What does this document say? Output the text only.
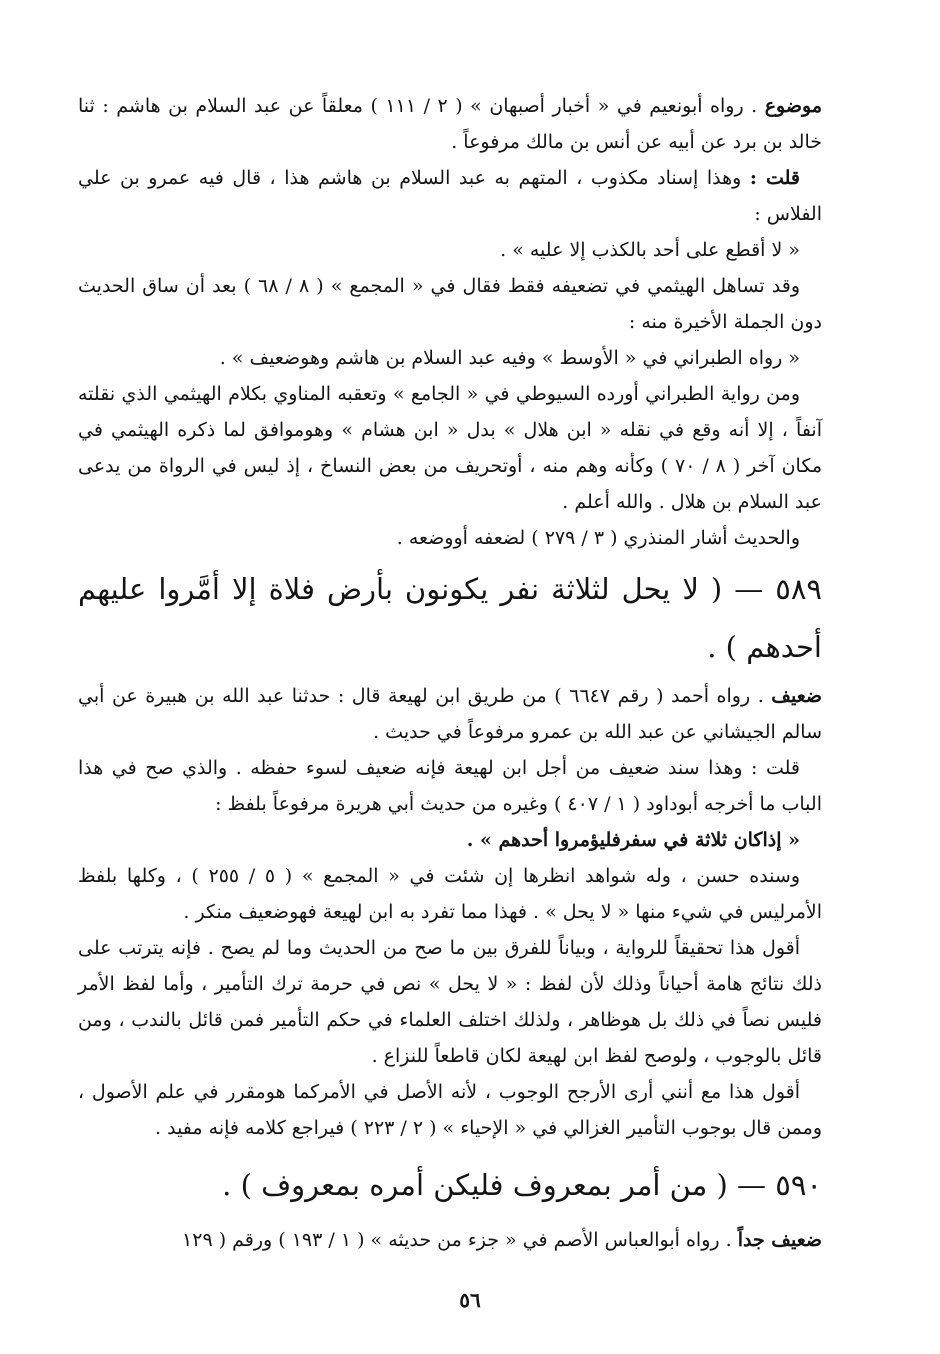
موضوع . رواه أبونعيم في « أخبار أصبهان » ( ٢ / ١١١ ) معلقاً عن عبد السلام بن هاشم : ثنا خالد بن برد عن أبيه عن أنس بن مالك مرفوعاً .

قلت : وهذا إسناد مكذوب ، المتهم به عبد السلام بن هاشم هذا ، قال فيه عمرو بن علي الفلاس :

« لا أقطع على أحد بالكذب إلا عليه » .

وقد تساهل الهيثمي في تضعيفه فقط فقال في « المجمع » ( ٨ / ٦٨ ) بعد أن ساق الحديث دون الجملة الأخيرة منه :

« رواه الطبراني في « الأوسط » وفيه عبد السلام بن هاشم وهوضعيف » .

ومن رواية الطبراني أورده السيوطي في « الجامع » وتعقبه المناوي بكلام الهيثمي الذي نقلته آنفاً ، إلا أنه وقع في نقله « ابن هلال » بدل « ابن هشام » وهوموافق لما ذكره الهيثمي في مكان آخر ( ٨ / ٧٠ ) وكأنه وهم منه ، أوتحريف من بعض النساخ ، إذ ليس في الرواة من يدعى عبد السلام بن هلال . والله أعلم .

والحديث أشار المنذري ( ٣ / ٢٧٩ ) لضعفه أووضعه .

٥٨٩ — ( لا يحل لثلاثة نفر يكونون بأرض فلاة إلا أمَّروا عليهم أحدهم ) .

ضعيف . رواه أحمد ( رقم ٦٦٤٧ ) من طريق ابن لهيعة قال : حدثنا عبد الله بن هبيرة عن أبي سالم الجيشاني عن عبد الله بن عمرو مرفوعاً في حديث .

قلت : وهذا سند ضعيف من أجل ابن لهيعة فإنه ضعيف لسوء حفظه . والذي صح في هذا الباب ما أخرجه أبوداود ( ١ / ٤٠٧ ) وغيره من حديث أبي هريرة مرفوعاً بلفظ :

« إذاكان ثلاثة في سفرفليؤمروا أحدهم » .

وسنده حسن ، وله شواهد انظرها إن شئت في « المجمع » ( ٥ / ٢٥٥ ) ، وكلها بلفظ الأمرليس في شيء منها « لا يحل » . فهذا مما تفرد به ابن لهيعة فهوضعيف منكر .

أقول هذا تحقيقاً للرواية ، وبياناً للفرق بين ما صح من الحديث وما لم يصح . فإنه يترتب على ذلك نتائج هامة أحياناً وذلك لأن لفظ : « لا يحل » نص في حرمة ترك التأمير ، وأما لفظ الأمر فليس نصاً في ذلك بل هوظاهر ، ولذلك اختلف العلماء في حكم التأمير فمن قائل بالندب ، ومن قائل بالوجوب ، ولوصح لفظ ابن لهيعة لكان قاطعاً للنزاع .

أقول هذا مع أنني أرى الأرجح الوجوب ، لأنه الأصل في الأمركما هومقرر في علم الأصول ، وممن قال بوجوب التأمير الغزالي في « الإحياء » ( ٢ / ٢٢٣ ) فيراجع كلامه فإنه مفيد .

٥٩٠ — ( من أمر بمعروف فليكن أمره بمعروف ) .

ضعيف جداً . رواه أبوالعباس الأصم في « جزء من حديثه » ( ١ / ١٩٣ ) ورقم ( ١٢٩

٥٦
